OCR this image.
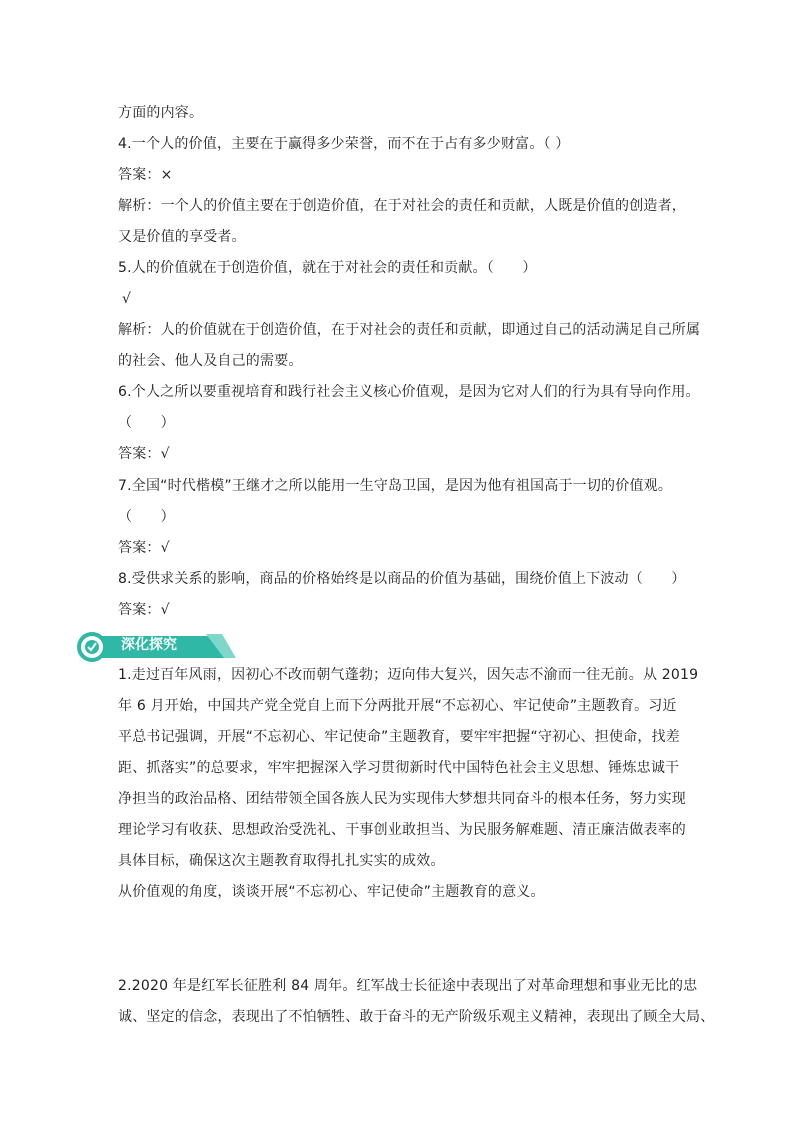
方面的内容。
4.一个人的价值，主要在于赢得多少荣誉，而不在于占有多少财富。（ ）
答案：×
解析：一个人的价值主要在于创造价值，在于对社会的责任和贡献，人既是价值的创造者，
又是价值的享受者。
5.人的价值就在于创造价值，就在于对社会的责任和贡献。（　　）
√
解析：人的价值就在于创造价值，在于对社会的责任和贡献，即通过自己的活动满足自己所属
的社会、他人及自己的需要。
6.个人之所以要重视培育和践行社会主义核心价值观，是因为它对人们的行为具有导向作用。
（　　）
答案：√
7.全国“时代楷模”王继才之所以能用一生守岛卫国，是因为他有祖国高于一切的价值观。
（　　）
答案：√
8.受供求关系的影响，商品的价格始终是以商品的价值为基础，围绕价值上下波动（　　）
答案：√
深化探究
1.走过百年风雨，因初心不改而朝气蓬勃；迈向伟大复兴，因矢志不渝而一往无前。从 2019
年 6 月开始，中国共产党全党自上而下分两批开展“不忘初心、牢记使命”主题教育。习近
平总书记强调，开展“不忘初心、牢记使命”主题教育，要牢牢把握“守初心、担使命，找差
距、抓落实”的总要求，牢牢把握深入学习贯彻新时代中国特色社会主义思想、锤炼忠诚干
净担当的政治品格、团结带领全国各族人民为实现伟大梦想共同奋斗的根本任务，努力实现
理论学习有收获、思想政治受洗礼、干事创业敢担当、为民服务解难题、清正廉洁做表率的
具体目标，确保这次主题教育取得扎扎实实的成效。
从价值观的角度，谈谈开展“不忘初心、牢记使命”主题教育的意义。
2.2020 年是红军长征胜利 84 周年。红军战士长征途中表现出了对革命理想和事业无比的忠
诚、坚定的信念，表现出了不怕牺牲、敢于奋斗的无产阶级乐观主义精神，表现出了顾全大局、
